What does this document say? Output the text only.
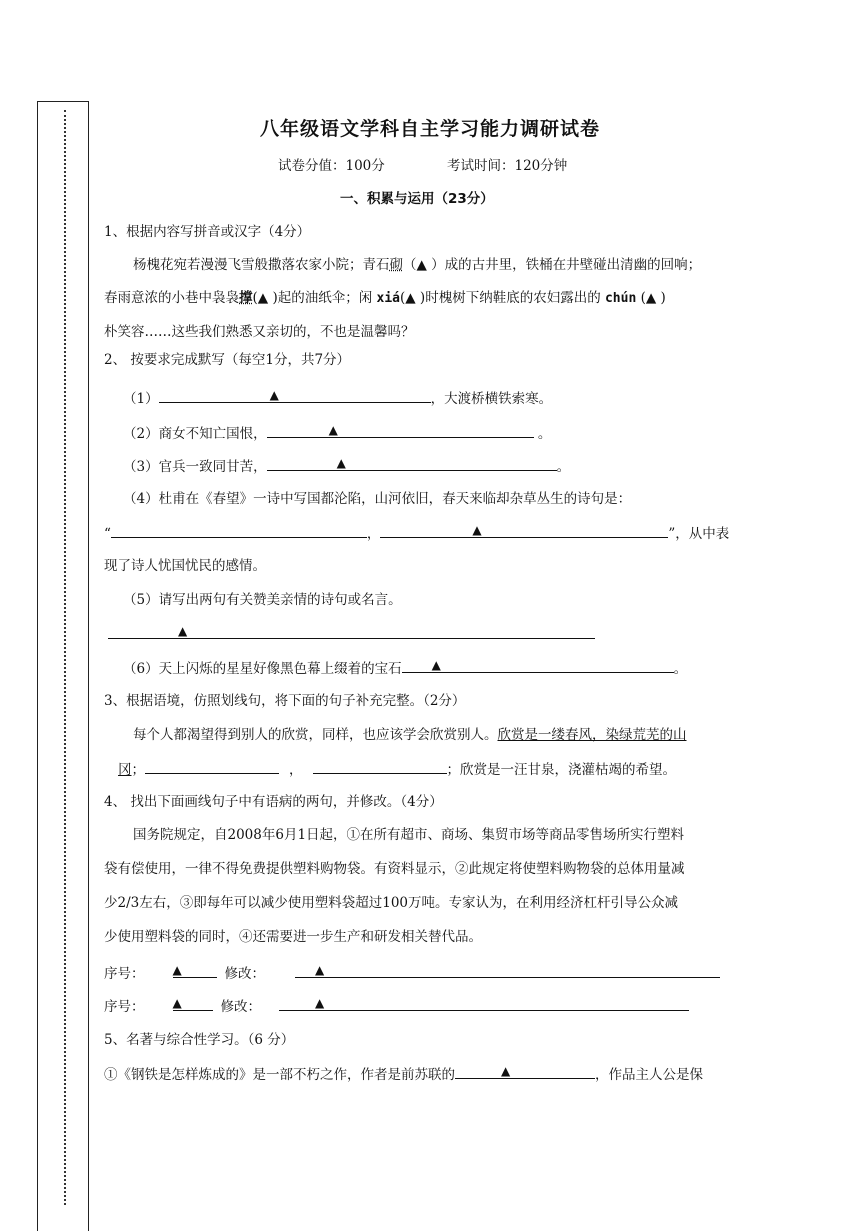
八年级语文学科自主学习能力调研试卷
试卷分值：100分	考试时间：120分钟
一、积累与运用（23分）
1、根据内容写拼音或汉字（4分）
杨槐花宛若漫漫飞雪般撒落农家小院；青石砌（▲ ）成的古井里，铁桶在井壁碰出清幽的回响；
春雨意浓的小巷中袅袅撑(▲ )起的油纸伞；闲 xiá(▲ )时槐树下纳鞋底的农妇露出的 chún (▲ )
朴笑容……这些我们熟悉又亲切的，不也是温馨吗？
2、 按要求完成默写（每空1分，共7分）
（1）	▲	，大渡桥横铁索寒。
（2）商女不知亡国恨，	▲	。
（3）官兵一致同甘苦，	▲	。
（4）杜甫在《春望》一诗中写国都沦陷，山河依旧，春天来临却杂草丛生的诗句是：
“	，	▲	”，从中表
现了诗人忧国忧民的感情。
（5）请写出两句有关赞美亲情的诗句或名言。
▲
（6）天上闪烁的星星好像黑色幕上缀着的宝石	▲	。
3、根据语境，仿照划线句，将下面的句子补充完整。（2分）
每个人都渴望得到别人的欣赏，同样，也应该学会欣赏别人。欣赏是一缕春风，染绿荒芜的山
冈；	，	；欣赏是一汪甘泉，浇灌枯竭的希望。
4、 找出下面画线句子中有语病的两句，并修改。（4分）
国务院规定，自2008年6月1日起，①在所有超市、商场、集贸市场等商品零售场所实行塑料
袋有偿使用，一律不得免费提供塑料购物袋。有资料显示，②此规定将使塑料购物袋的总体用量减
少2/3左右，③即每年可以减少使用塑料袋超过100万吨。专家认为，在利用经济杠杆引导公众减
少使用塑料袋的同时，④还需要进一步生产和研发相关替代品。
序号： ▲	修改：	▲
序号： ▲	修改：	▲
5、名著与综合性学习。（6 分）
①《钢铁是怎样炼成的》是一部不朽之作，作者是前苏联的	▲	，作品主人公是保
